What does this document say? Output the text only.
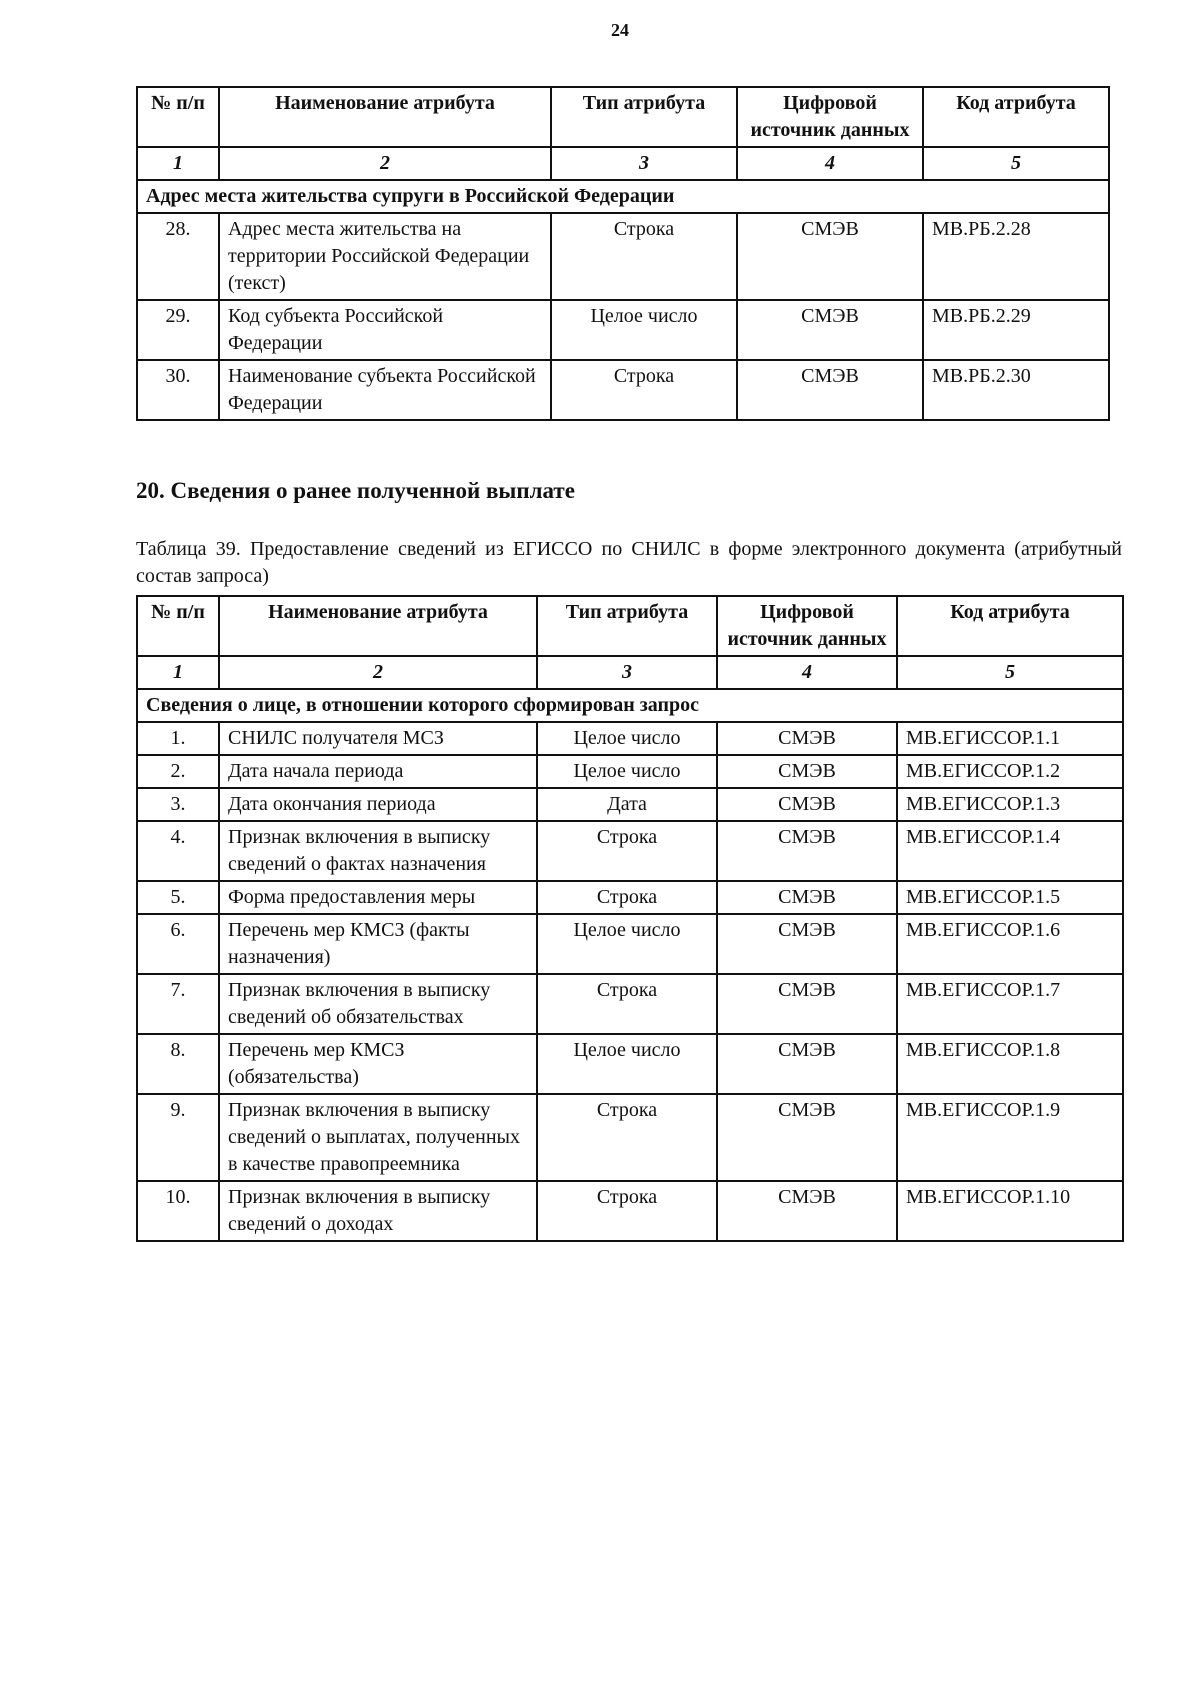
24
№ п/п	Наименование атрибута	Тип атрибута	Цифровой источник данных	Код атрибута
1	2	3	4	5
Адрес места жительства супруги в Российской Федерации				
28.	Адрес места жительства на территории Российской Федерации (текст)	Строка	СМЭВ	МВ.РБ.2.28
29.	Код субъекта Российской Федерации	Целое число	СМЭВ	МВ.РБ.2.29
30.	Наименование субъекта Российской Федерации	Строка	СМЭВ	МВ.РБ.2.30
20. Сведения о ранее полученной выплате
Таблица 39. Предоставление сведений из ЕГИССО по СНИЛС в форме электронного документа (атрибутный состав запроса)
№ п/п	Наименование атрибута	Тип атрибута	Цифровой источник данных	Код атрибута
1	2	3	4	5
Сведения о лице, в отношении которого сформирован запрос				
1.	СНИЛС получателя МСЗ	Целое число	СМЭВ	МВ.ЕГИССОР.1.1
2.	Дата начала периода	Целое число	СМЭВ	МВ.ЕГИССОР.1.2
3.	Дата окончания периода	Дата	СМЭВ	МВ.ЕГИССОР.1.3
4.	Признак включения в выписку сведений о фактах назначения	Строка	СМЭВ	МВ.ЕГИССОР.1.4
5.	Форма предоставления меры	Строка	СМЭВ	МВ.ЕГИССОР.1.5
6.	Перечень мер КМСЗ (факты назначения)	Целое число	СМЭВ	МВ.ЕГИССОР.1.6
7.	Признак включения в выписку сведений об обязательствах	Строка	СМЭВ	МВ.ЕГИССОР.1.7
8.	Перечень мер КМСЗ (обязательства)	Целое число	СМЭВ	МВ.ЕГИССОР.1.8
9.	Признак включения в выписку сведений о выплатах, полученных в качестве правопреемника	Строка	СМЭВ	МВ.ЕГИССОР.1.9
10.	Признак включения в выписку сведений о доходах	Строка	СМЭВ	МВ.ЕГИССОР.1.10
